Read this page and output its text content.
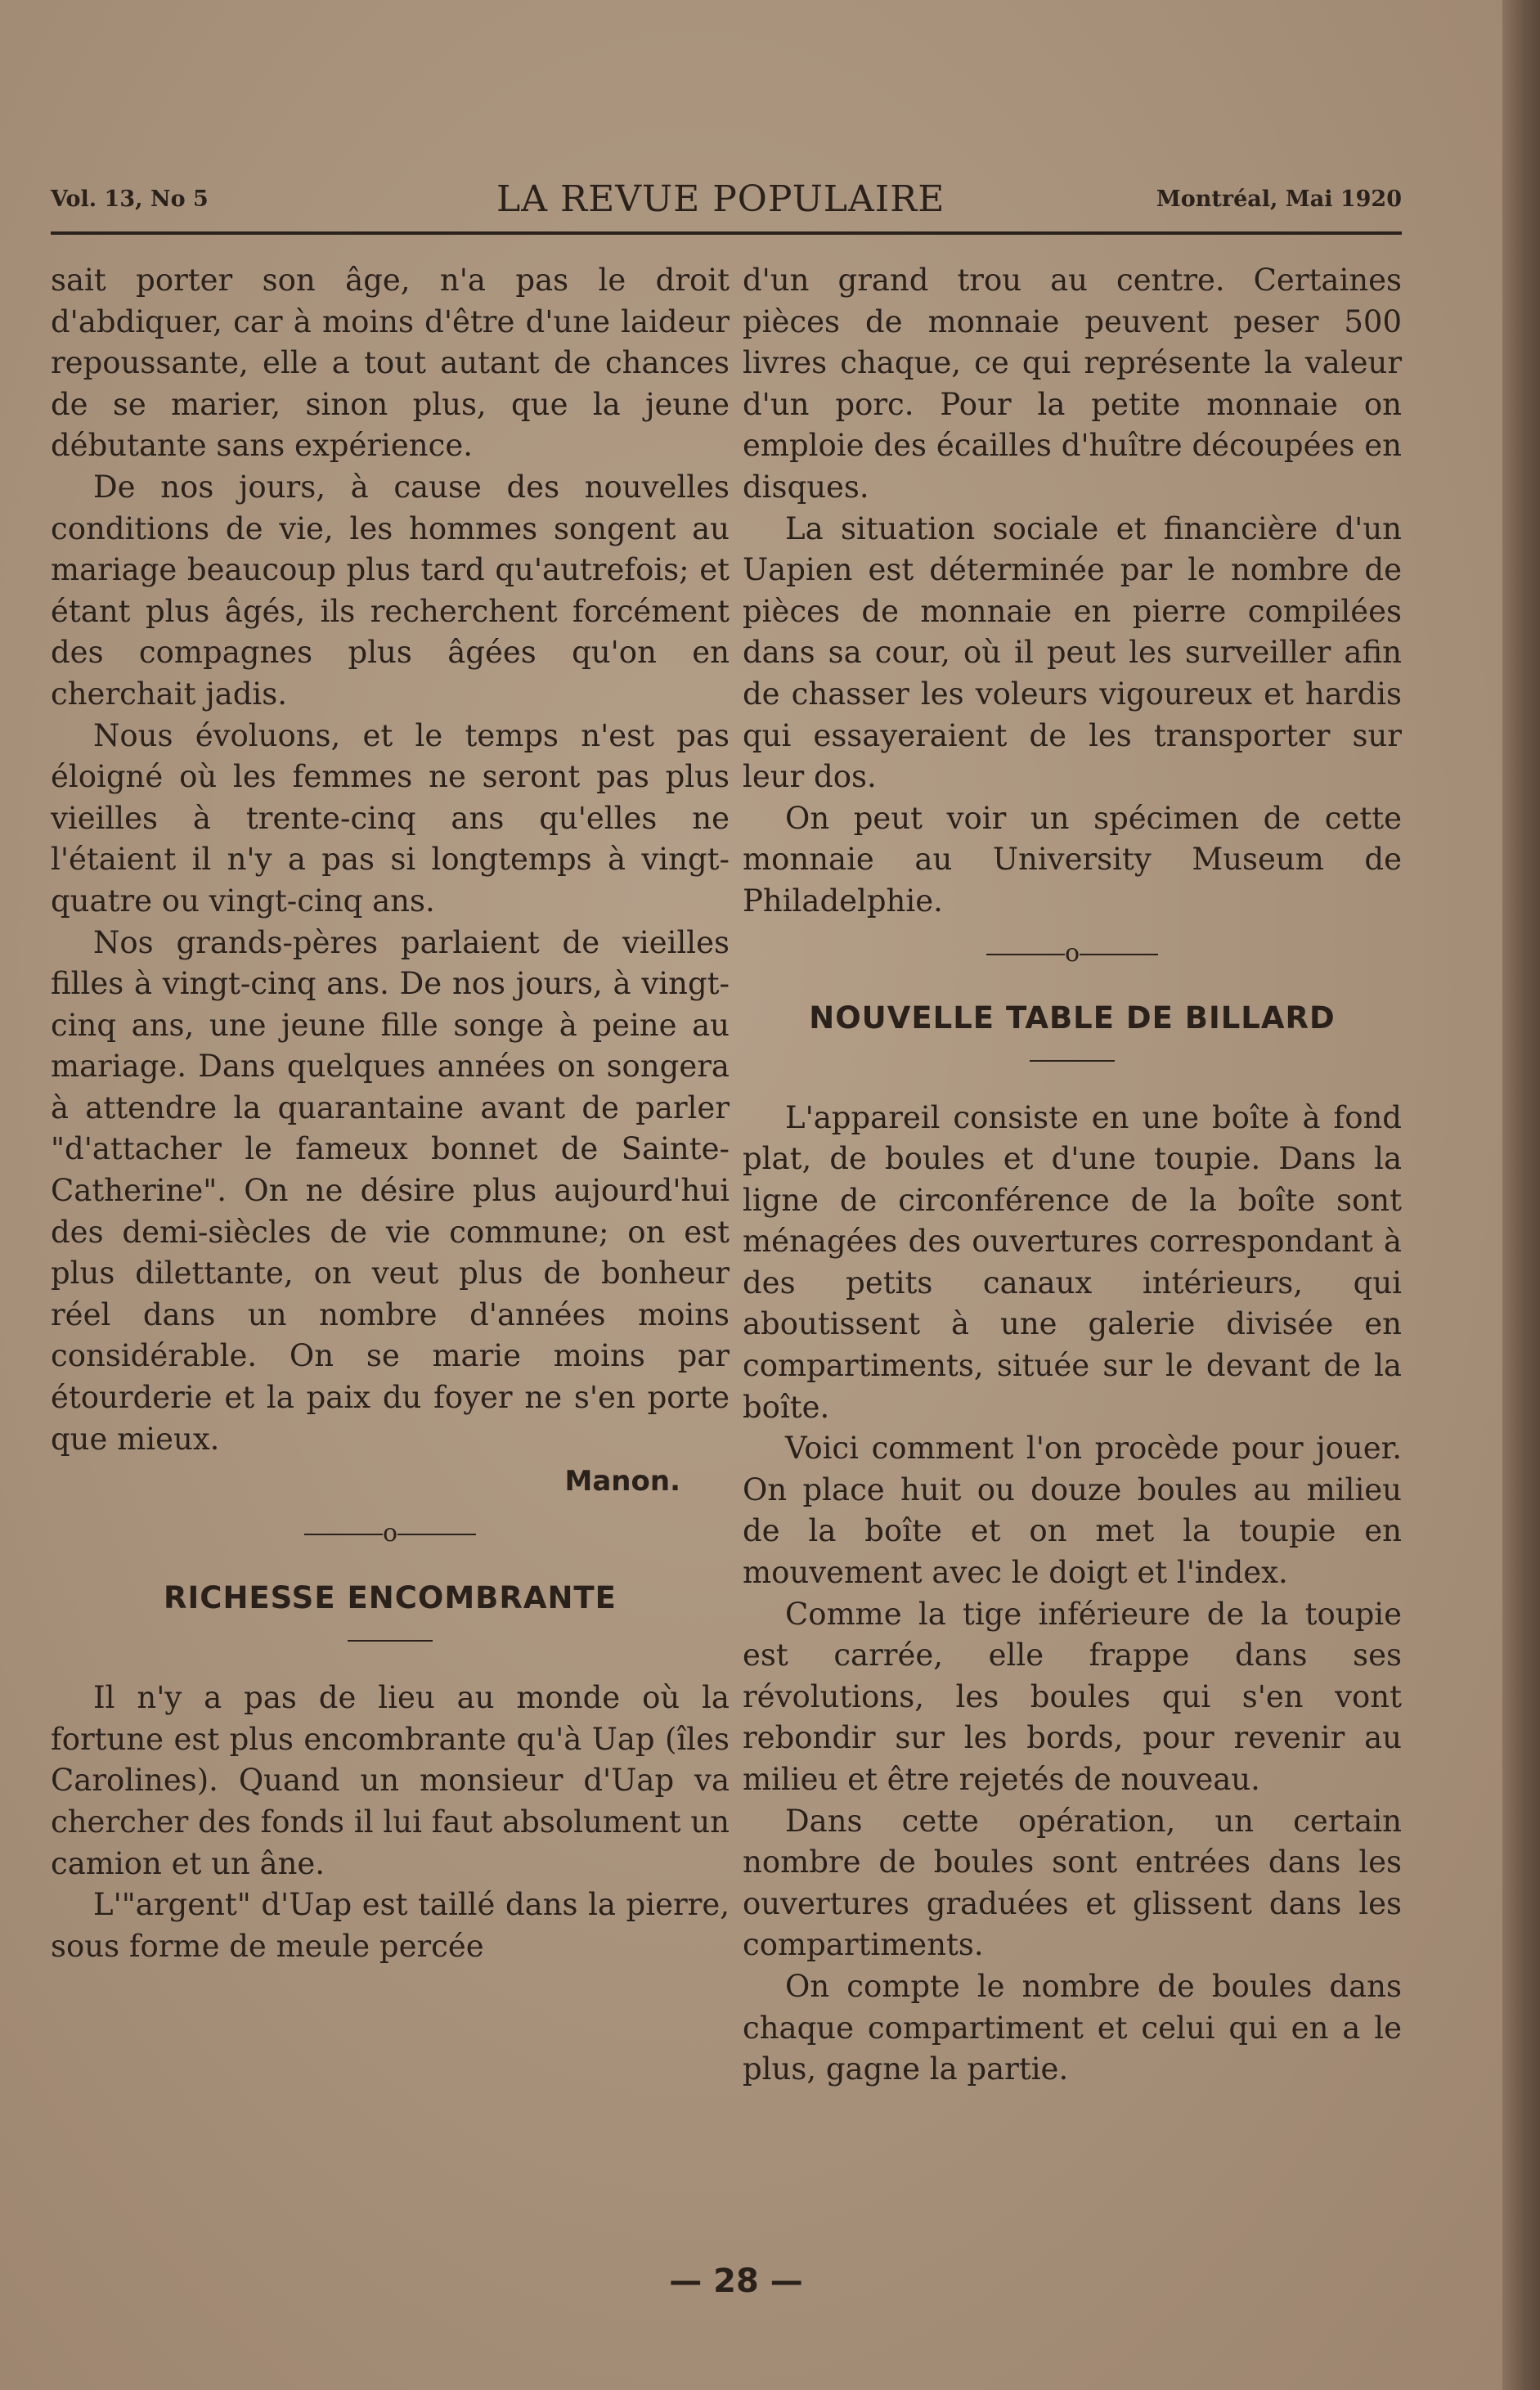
Vol. 13, No 5	LA REVUE POPULAIRE	Montréal, Mai 1920

sait porter son âge, n'a pas le droit d'abdiquer, car à moins d'être d'une laideur repoussante, elle a tout autant de chances de se marier, sinon plus, que la jeune débutante sans expérience.

De nos jours, à cause des nouvelles conditions de vie, les hommes songent au mariage beaucoup plus tard qu'autrefois; et étant plus âgés, ils recherchent forcément des compagnes plus âgées qu'on en cherchait jadis.

Nous évoluons, et le temps n'est pas éloigné où les femmes ne seront pas plus vieilles à trente-cinq ans qu'elles ne l'étaient il n'y a pas si longtemps à vingt-quatre ou vingt-cinq ans.

Nos grands-pères parlaient de vieilles filles à vingt-cinq ans. De nos jours, à vingt-cinq ans, une jeune fille songe à peine au mariage. Dans quelques années on songera à attendre la quarantaine avant de parler "d'attacher le fameux bonnet de Sainte-Catherine". On ne désire plus aujourd'hui des demi-siècles de vie commune; on est plus dilettante, on veut plus de bonheur réel dans un nombre d'années moins considérable. On se marie moins par étourderie et la paix du foyer ne s'en porte que mieux.

Manon.
o
RICHESSE ENCOMBRANTE

Il n'y a pas de lieu au monde où la fortune est plus encombrante qu'à Uap (îles Carolines). Quand un monsieur d'Uap va chercher des fonds il lui faut absolument un camion et un âne.

L'"argent" d'Uap est taillé dans la pierre, sous forme de meule percée

d'un grand trou au centre. Certaines pièces de monnaie peuvent peser 500 livres chaque, ce qui représente la valeur d'un porc. Pour la petite monnaie on emploie des écailles d'huître découpées en disques.

La situation sociale et financière d'un Uapien est déterminée par le nombre de pièces de monnaie en pierre compilées dans sa cour, où il peut les surveiller afin de chasser les voleurs vigoureux et hardis qui essayeraient de les transporter sur leur dos.

On peut voir un spécimen de cette monnaie au University Museum de Philadelphie.

o
NOUVELLE TABLE DE BILLARD

L'appareil consiste en une boîte à fond plat, de boules et d'une toupie. Dans la ligne de circonférence de la boîte sont ménagées des ouvertures correspondant à des petits canaux intérieurs, qui aboutissent à une galerie divisée en compartiments, située sur le devant de la boîte.

Voici comment l'on procède pour jouer. On place huit ou douze boules au milieu de la boîte et on met la toupie en mouvement avec le doigt et l'index.

Comme la tige inférieure de la toupie est carrée, elle frappe dans ses révolutions, les boules qui s'en vont rebondir sur les bords, pour revenir au milieu et être rejetés de nouveau.

Dans cette opération, un certain nombre de boules sont entrées dans les ouvertures graduées et glissent dans les compartiments.

On compte le nombre de boules dans chaque compartiment et celui qui en a le plus, gagne la partie.

— 28 —
